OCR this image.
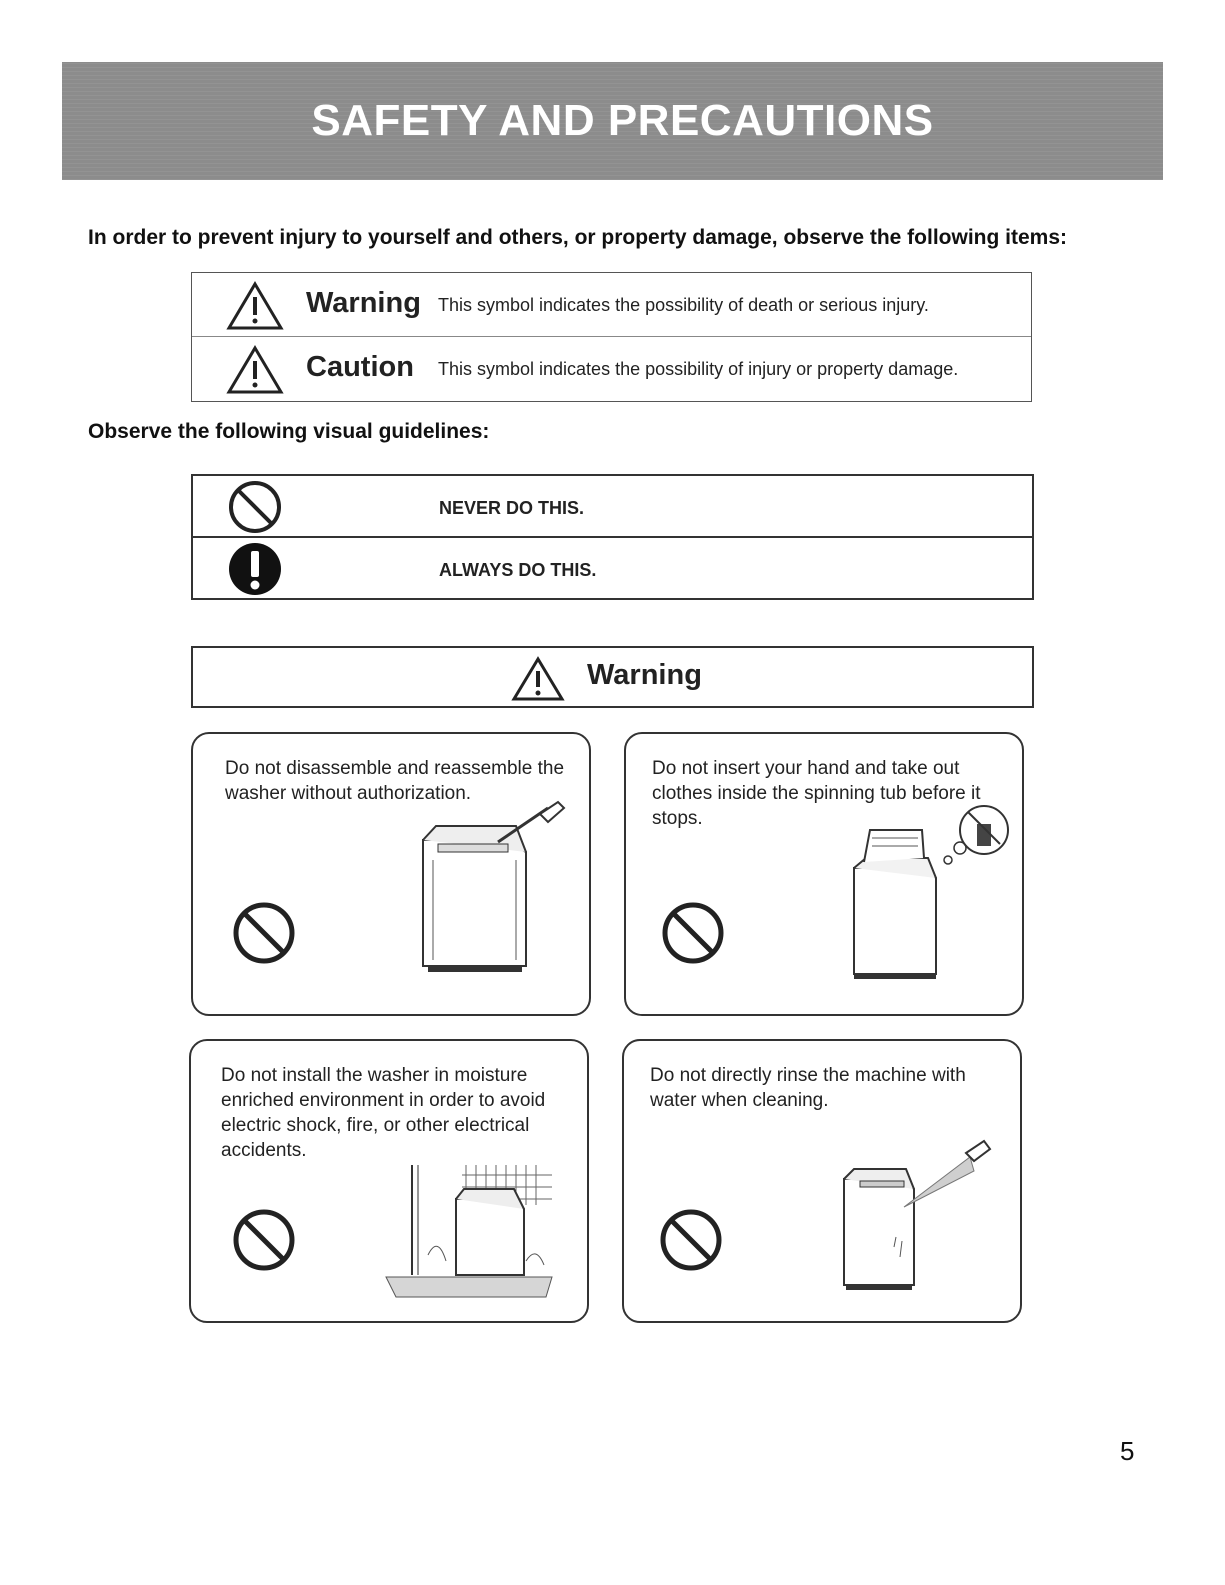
SAFETY AND PRECAUTIONS
In order to prevent injury to yourself and others, or property damage, observe the following items:
Warning This symbol indicates the possibility of death or serious injury.
Caution This symbol indicates the possibility of injury or property damage.
Observe the following visual guidelines:
NEVER DO THIS.
ALWAYS DO THIS.
Warning
Do not disassemble and reassemble the washer without authorization.
Do not insert your hand and take out clothes inside the spinning tub before it stops.
Do not install the washer in moisture enriched environment in order to avoid electric shock, fire, or other electrical accidents.
Do not directly rinse the machine with water when cleaning.
5
